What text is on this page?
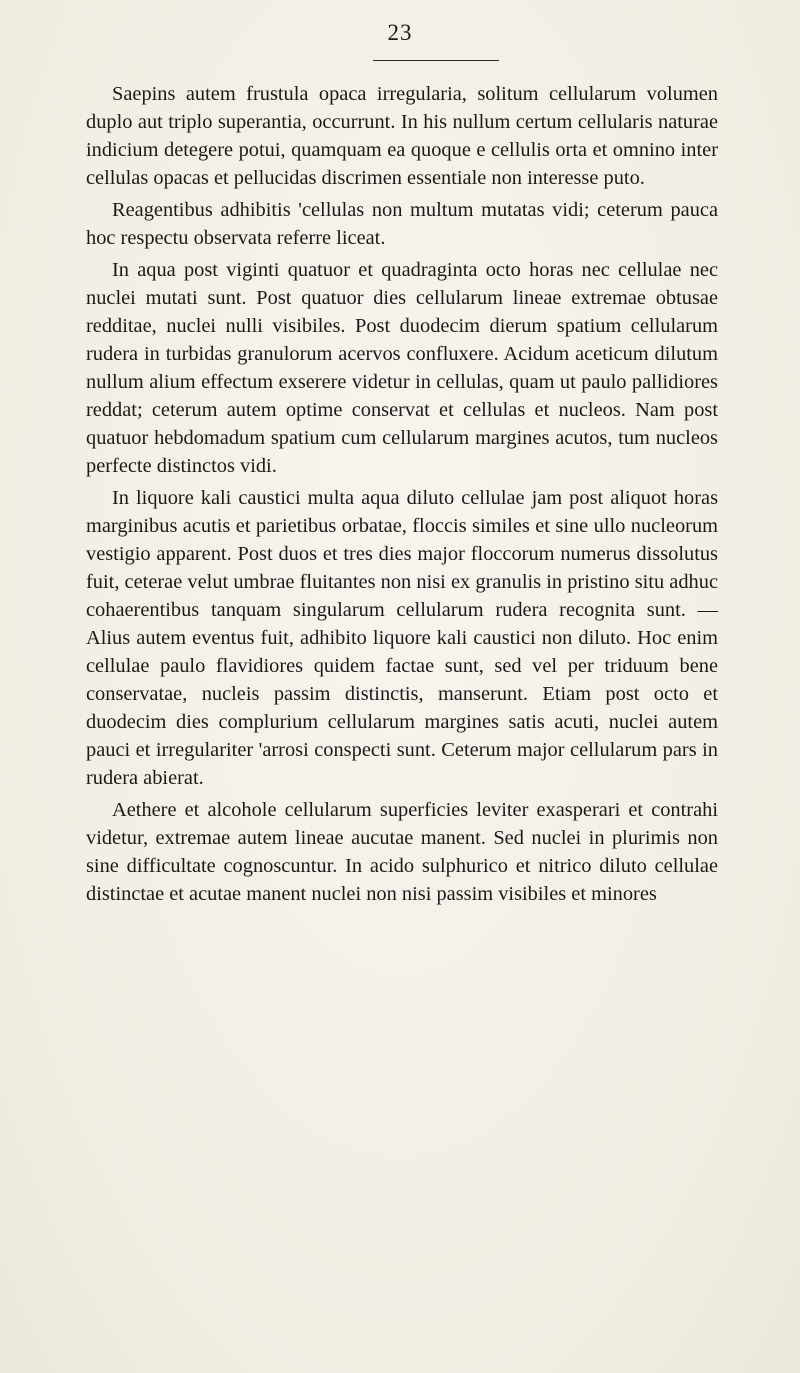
23

Saepins autem frustula opaca irregularia, solitum cellularum volumen duplo aut triplo superantia, occurrunt. In his nullum certum cellularis naturae indicium detegere potui, quamquam ea quoque e cellulis orta et omnino inter cellulas opacas et pellucidas discrimen essentiale non interesse puto.

Reagentibus adhibitis 'cellulas non multum mutatas vidi; ceterum pauca hoc respectu observata referre liceat.

In aqua post viginti quatuor et quadraginta octo horas nec cellulae nec nuclei mutati sunt. Post quatuor dies cellularum lineae extremae obtusae redditae, nuclei nulli visibiles. Post duodecim dierum spatium cellularum rudera in turbidas granulorum acervos confluxere. Acidum aceticum dilutum nullum alium effectum exserere videtur in cellulas, quam ut paulo pallidiores reddat; ceterum autem optime conservat et cellulas et nucleos. Nam post quatuor hebdomadum spatium cum cellularum margines acutos, tum nucleos perfecte distinctos vidi.

In liquore kali caustici multa aqua diluto cellulae jam post aliquot horas marginibus acutis et parietibus orbatae, floccis similes et sine ullo nucleorum vestigio apparent. Post duos et tres dies major floccorum numerus dissolutus fuit, ceterae velut umbrae fluitantes non nisi ex granulis in pristino situ adhuc cohaerentibus tanquam singularum cellularum rudera recognita sunt. — Alius autem eventus fuit, adhibito liquore kali caustici non diluto. Hoc enim cellulae paulo flavidiores quidem factae sunt, sed vel per triduum bene conservatae, nucleis passim distinctis, manserunt. Etiam post octo et duodecim dies complurium cellularum margines satis acuti, nuclei autem pauci et irregulariter 'arrosi conspecti sunt. Ceterum major cellularum pars in rudera abierat.

Aethere et alcohole cellularum superficies leviter exasperari et contrahi videtur, extremae autem lineae aucutae manent. Sed nuclei in plurimis non sine difficultate cognoscuntur. In acido sulphurico et nitrico diluto cellulae distinctae et acutae manent nuclei non nisi passim visibiles et minores
